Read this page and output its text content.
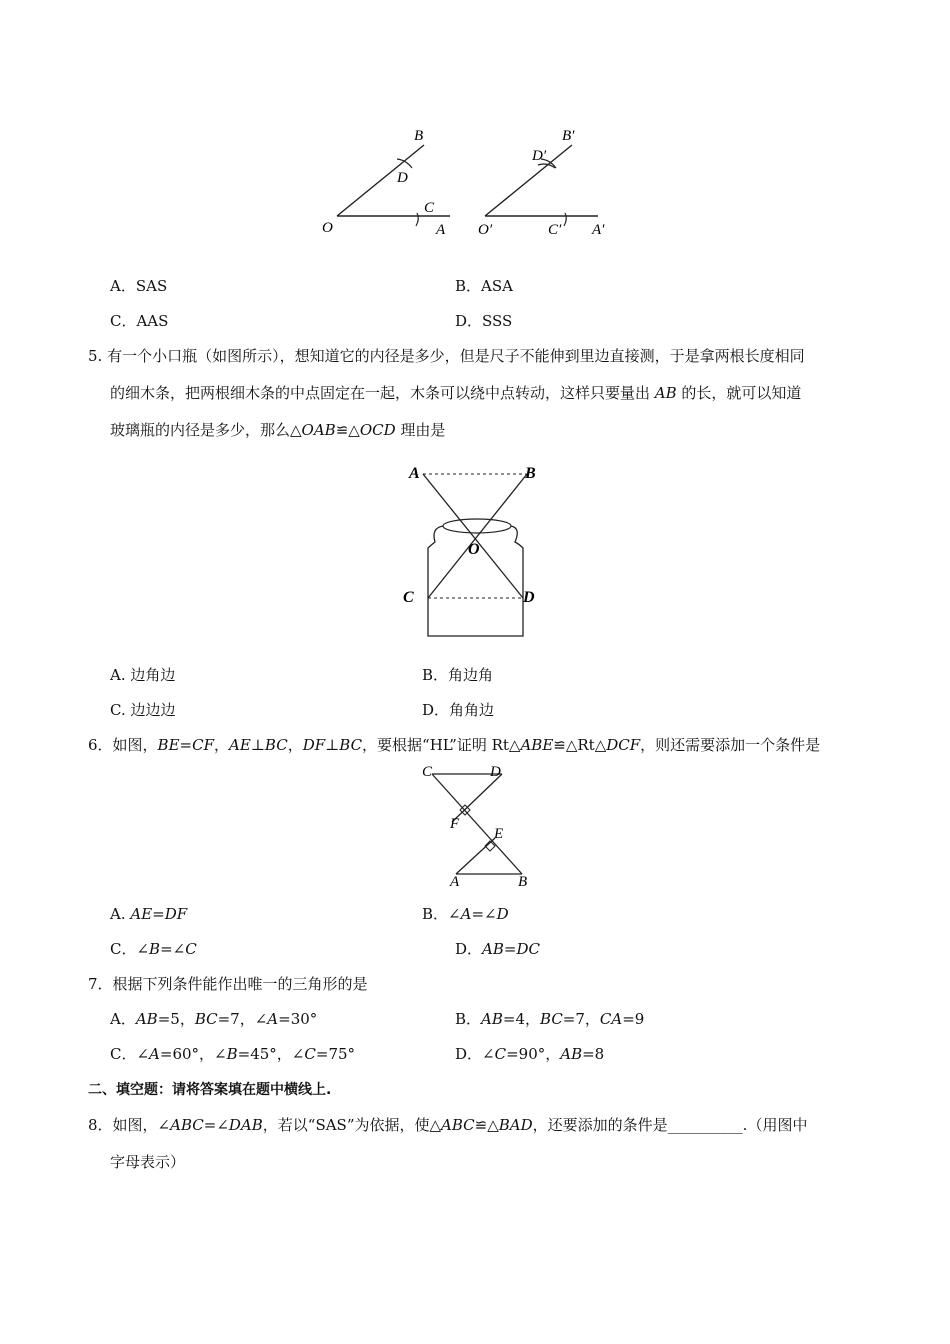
B
D
C
O	A
B′
D′
O′	C′ A′
A．SAS	B．ASA
C．AAS	D．SSS
5. 有一个小口瓶（如图所示），想知道它的内径是多少，但是尺子不能伸到里边直接测，于是拿两根长度相同
的细木条，把两根细木条的中点固定在一起，木条可以绕中点转动，这样只要量出 AB 的长，就可以知道
玻璃瓶的内径是多少，那么△OAB≌△OCD 理由是
A	B
O
C	D
A. 边角边	B．角边角
C. 边边边	D．角角边
6．如图，BE=CF，AE⊥BC，DF⊥BC，要根据“HL”证明 Rt△ABE≌△Rt△DCF，则还需要添加一个条件是
C	D
F
E
A	B
A. AE=DF	B．∠A=∠D
C．∠B=∠C	D．AB=DC
7．根据下列条件能作出唯一的三角形的是
A．AB=5，BC=7，∠A=30°	B．AB=4，BC=7，CA=9
C．∠A=60°，∠B=45°，∠C=75°	D．∠C=90°，AB=8
二、填空题：请将答案填在题中横线上.
8．如图，∠ABC=∠DAB，若以“SAS”为依据，使△ABC≌△BAD，还要添加的条件是__________.（用图中
字母表示）
